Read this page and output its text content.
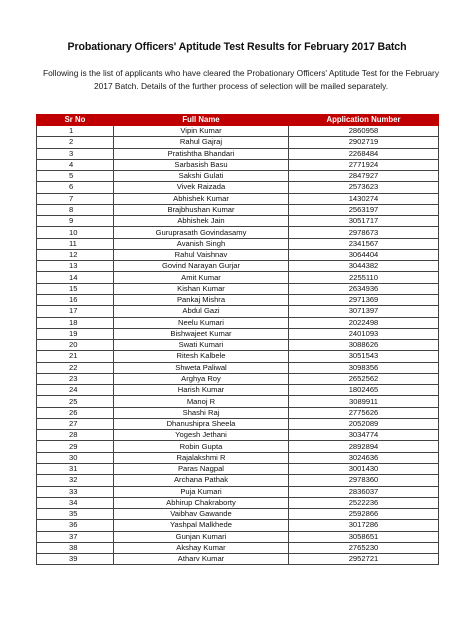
Probationary Officers' Aptitude Test Results for February 2017 Batch
Following is the list of applicants who have cleared the Probationary Officers' Aptitude Test for the February 2017 Batch. Details of the further process of selection will be mailed separately.
Sr No	Full Name	Application Number
1	Vipin Kumar	2860958
2	Rahul Gajraj	2902719
3	Pratishtha Bhandari	2268484
4	Sarbasish Basu	2771924
5	Sakshi Gulati	2847927
6	Vivek Raizada	2573623
7	Abhishek Kumar	1430274
8	Brajbhushan Kumar	2563197
9	Abhishek Jain	3051717
10	Guruprasath Govindasamy	2978673
11	Avanish Singh	2341567
12	Rahul Vaishnav	3064404
13	Govind Narayan Gurjar	3044382
14	Amit Kumar	2255110
15	Kishan Kumar	2634936
16	Pankaj Mishra	2971369
17	Abdul Gazi	3071397
18	Neelu Kumari	2022498
19	Bishwajeet Kumar	2401093
20	Swati Kumari	3088626
21	Ritesh Kalbele	3051543
22	Shweta Paliwal	3098356
23	Arghya Roy	2652562
24	Harish Kumar	1802465
25	Manoj R	3089911
26	Shashi Raj	2775626
27	Dhanushipra Sheela	2052089
28	Yogesh Jethani	3034774
29	Robin Gupta	2892894
30	Rajalakshmi R	3024636
31	Paras Nagpal	3001430
32	Archana Pathak	2978360
33	Puja Kumari	2836037
34	Abhirup Chakraborty	2522236
35	Vaibhav Gawande	2592866
36	Yashpal Malkhede	3017286
37	Gunjan Kumari	3058651
38	Akshay Kumar	2765230
39	Atharv Kumar	2952721
